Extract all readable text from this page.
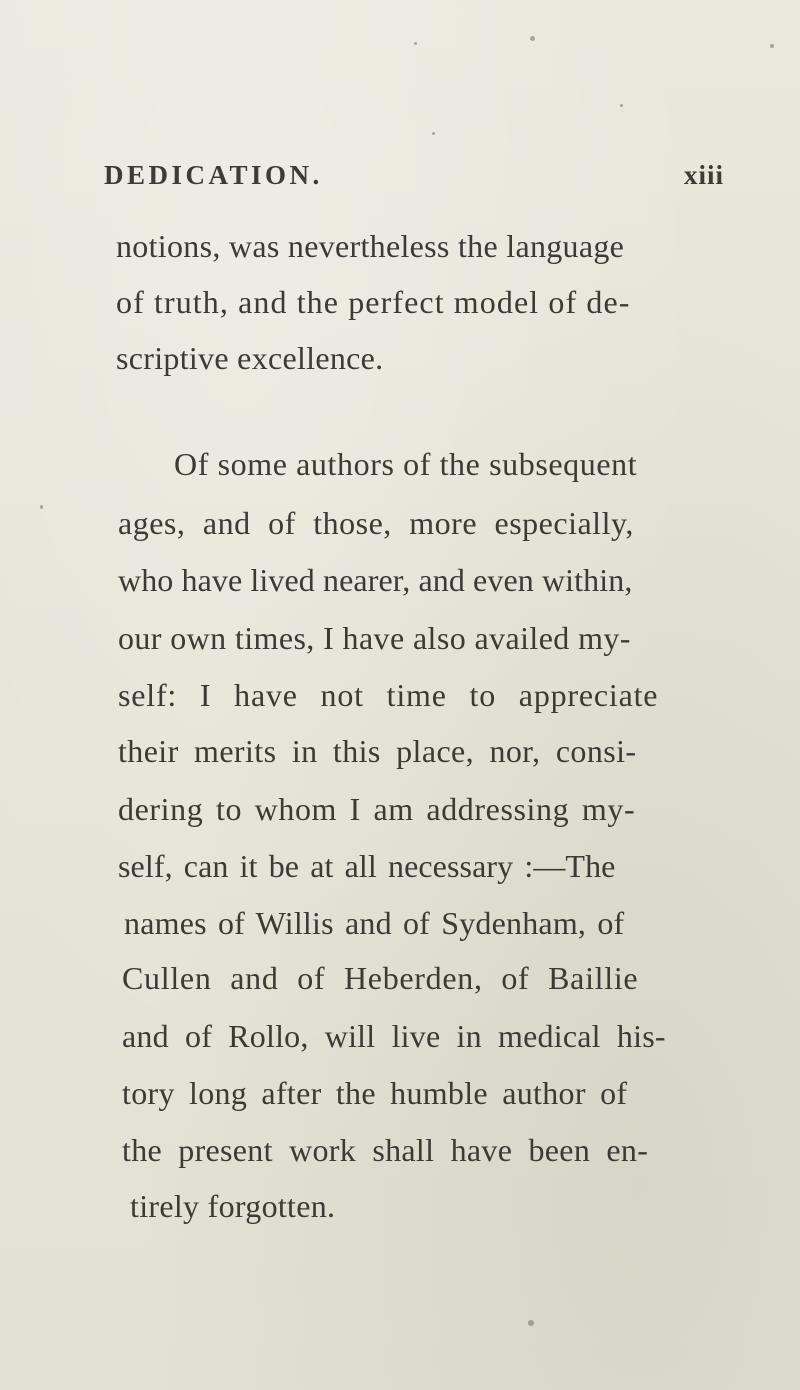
DEDICATION.	xiii
notions, was nevertheless the language
of truth, and the perfect model of de-
scriptive excellence.
Of some authors of the subsequent
ages, and of those, more especially,
who have lived nearer, and even within,
our own times, I have also availed my-
self: I have not time to appreciate
their merits in this place, nor, consi-
dering to whom I am addressing my-
self, can it be at all necessary :—The
names of Willis and of Sydenham, of
Cullen and of Heberden, of Baillie
and of Rollo, will live in medical his-
tory long after the humble author of
the present work shall have been en-
tirely forgotten.
